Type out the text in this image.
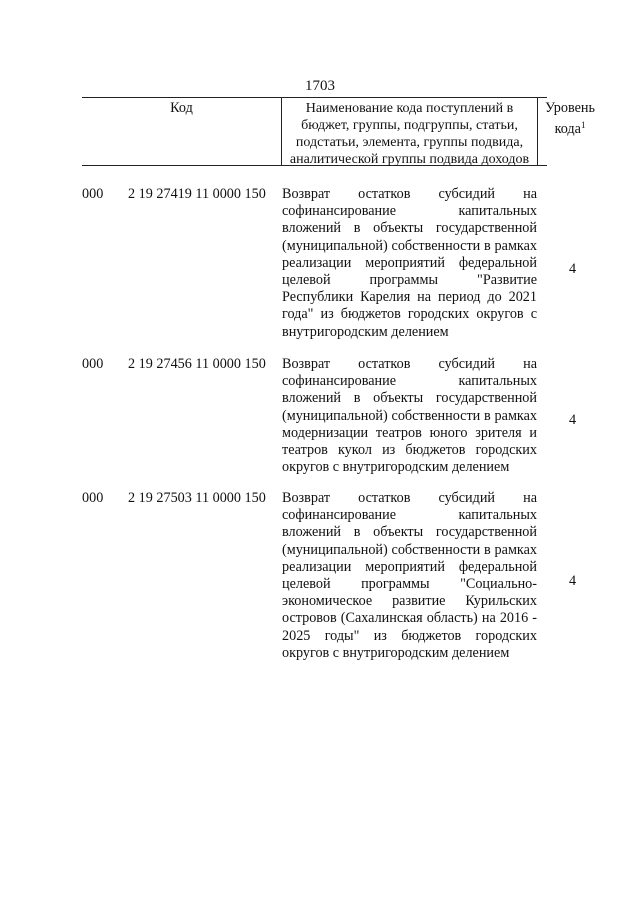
1703
Код	Наименование кода поступлений в бюджет, группы, подгруппы, статьи, подстатьи, элемента, группы подвида, аналитической группы подвида доходов
Уровень кода$^1$
000 2 19 27419 11 0000 150 Возврат остатков субсидий на софинансирование капитальных вложений в объекты государственной (муниципальной) собственности в рамках реализации мероприятий федеральной целевой программы "Развитие Республики Карелия на период до 2021 года" из бюджетов городских округов с внутригородским делением
4
000 2 19 27456 11 0000 150 Возврат остатков субсидий на софинансирование капитальных вложений в объекты государственной (муниципальной) собственности в рамках модернизации театров юного зрителя и театров кукол из бюджетов городских округов с внутригородским делением
4
000 2 19 27503 11 0000 150 Возврат остатков субсидий на софинансирование капитальных вложений в объекты государственной (муниципальной) собственности в рамках реализации мероприятий федеральной целевой программы "Социально-экономическое развитие Курильских островов (Сахалинская область) на 2016 - 2025 годы" из бюджетов городских округов с внутригородским делением
4
